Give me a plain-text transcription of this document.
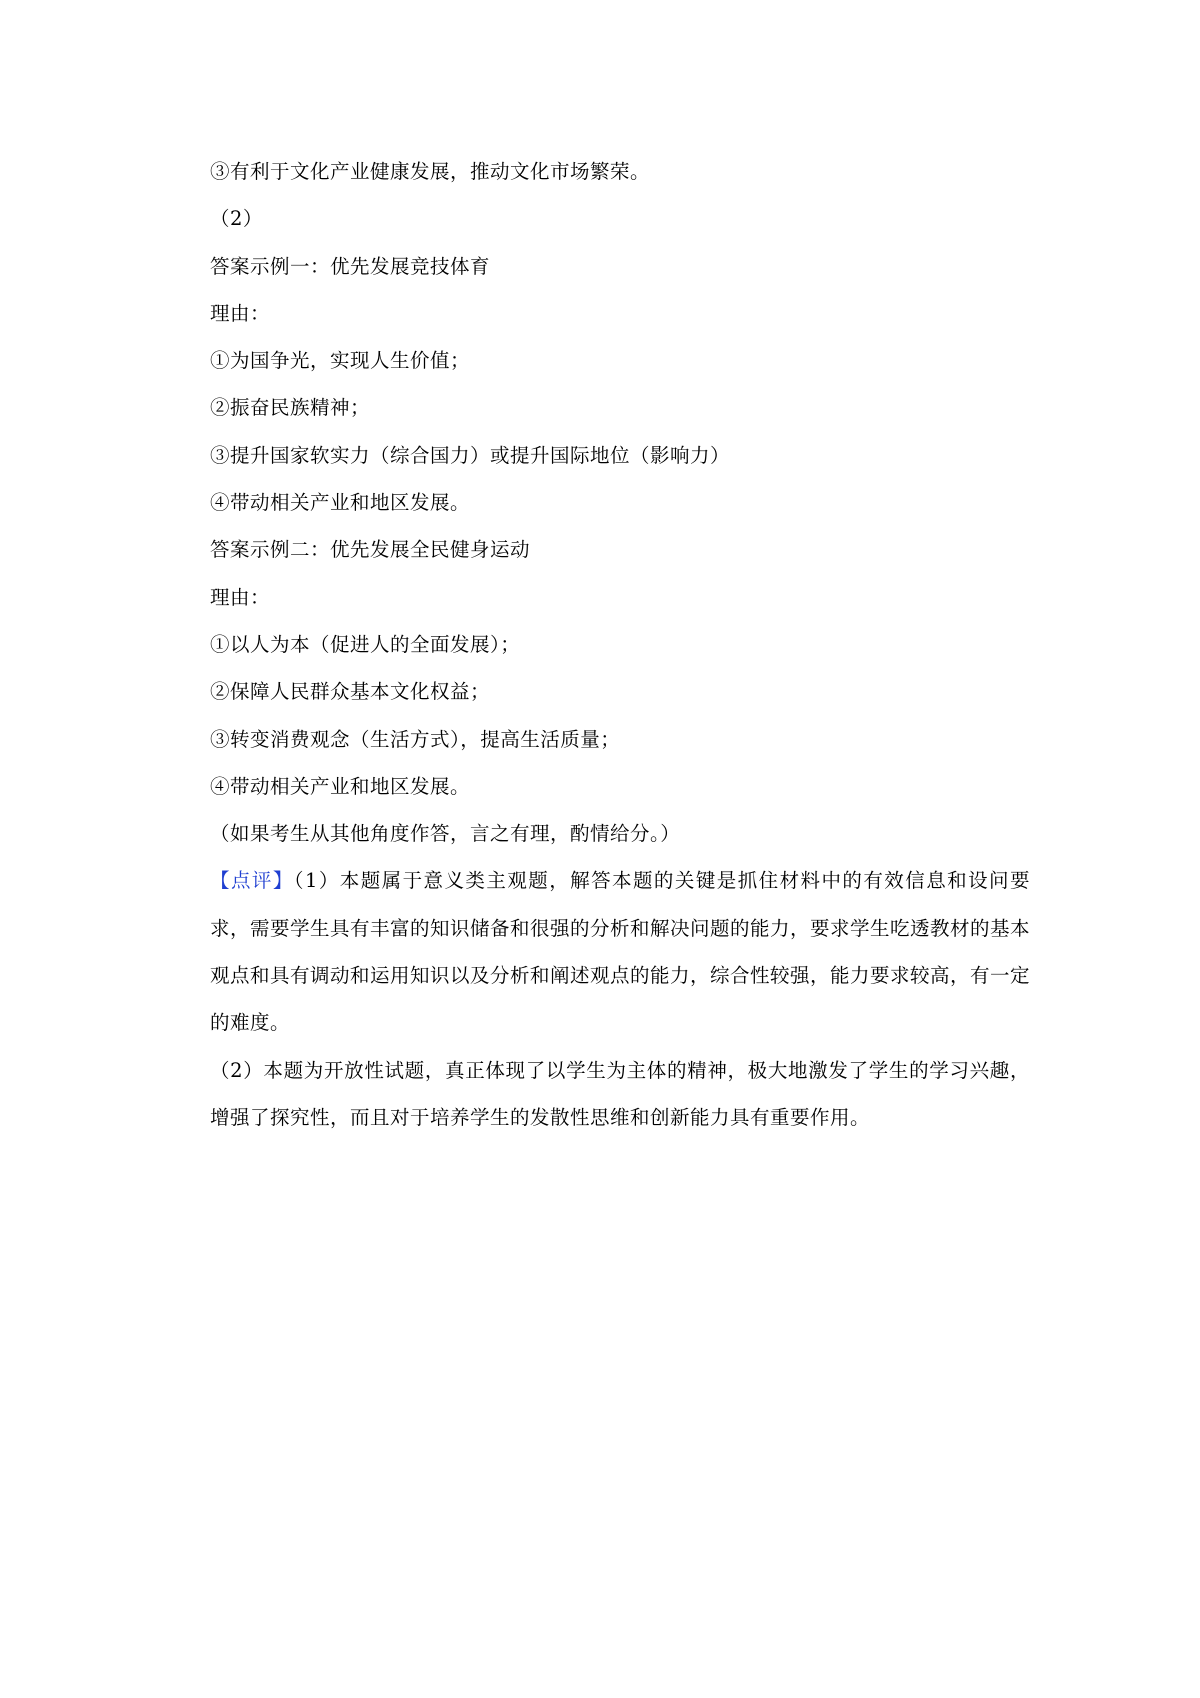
③有利于文化产业健康发展，推动文化市场繁荣。
（2）
答案示例一：优先发展竞技体育
理由：
①为国争光，实现人生价值；
②振奋民族精神；
③提升国家软实力（综合国力）或提升国际地位（影响力）
④带动相关产业和地区发展。
答案示例二：优先发展全民健身运动
理由：
①以人为本（促进人的全面发展）；
②保障人民群众基本文化权益；
③转变消费观念（生活方式），提高生活质量；
④带动相关产业和地区发展。
（如果考生从其他角度作答，言之有理，酌情给分。）
【点评】（1）本题属于意义类主观题，解答本题的关键是抓住材料中的有效信息和设问要求，需要学生具有丰富的知识储备和很强的分析和解决问题的能力，要求学生吃透教材的基本观点和具有调动和运用知识以及分析和阐述观点的能力，综合性较强，能力要求较高，有一定的难度。
（2）本题为开放性试题，真正体现了以学生为主体的精神，极大地激发了学生的学习兴趣，增强了探究性，而且对于培养学生的发散性思维和创新能力具有重要作用。
